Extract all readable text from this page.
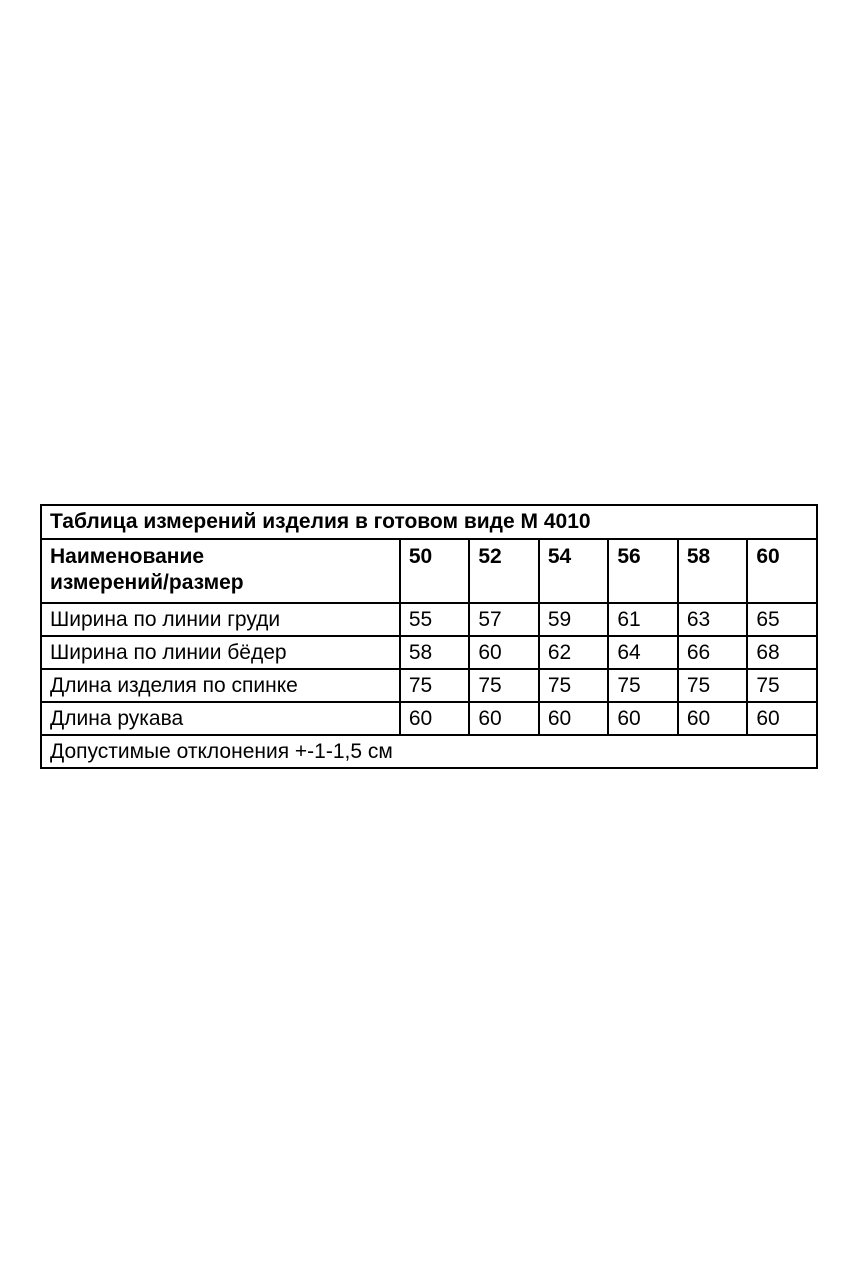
Таблица измерений изделия в готовом виде М 4010						

Наименование
измерений/размер	50	52	54	56	58	60
Ширина по линии груди	55	57	59	61	63	65
Ширина по линии бёдер	58	60	62	64	66	68
Длина изделия по спинке	75	75	75	75	75	75
Длина рукава	60	60	60	60	60	60
Допустимые отклонения +-1-1,5 см						
